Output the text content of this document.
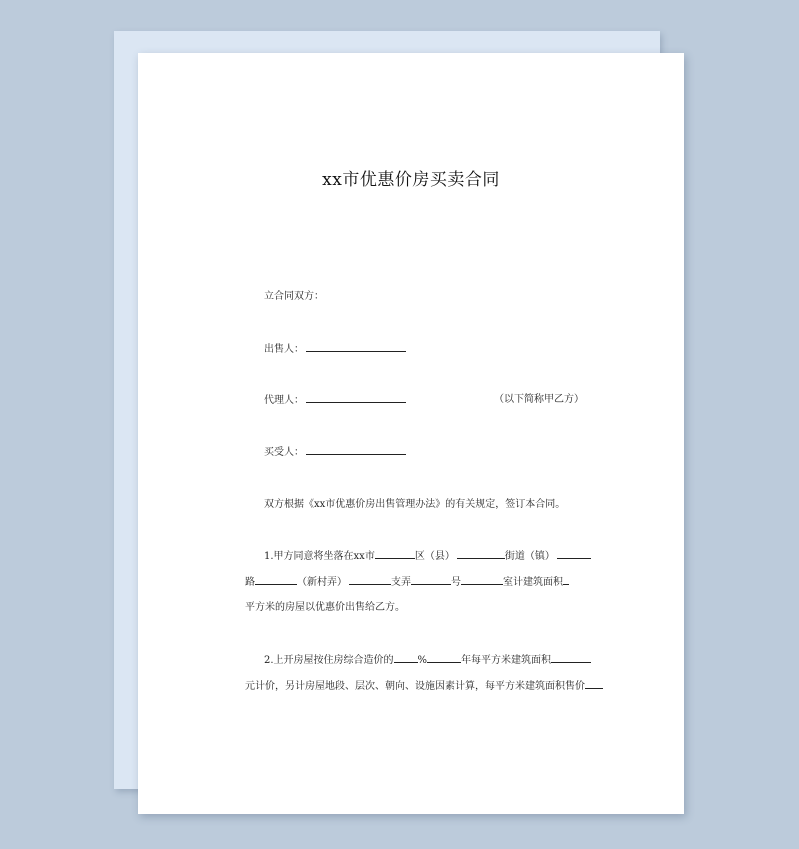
xx市优惠价房买卖合同
立合同双方：
出售人：
代理人：	（以下简称甲乙方）
买受人：
双方根据《xx市优惠价房出售管理办法》的有关规定，签订本合同。
1.甲方同意将坐落在xx市	区（县）	街道（镇）
路	（新村弄）	支弄	号	室计建筑面积
平方米的房屋以优惠价出售给乙方。
2.上开房屋按住房综合造价的 %	年每平方米建筑面积
元计价，另计房屋地段、层次、朝向、设施因素计算，每平方米建筑面积售价
